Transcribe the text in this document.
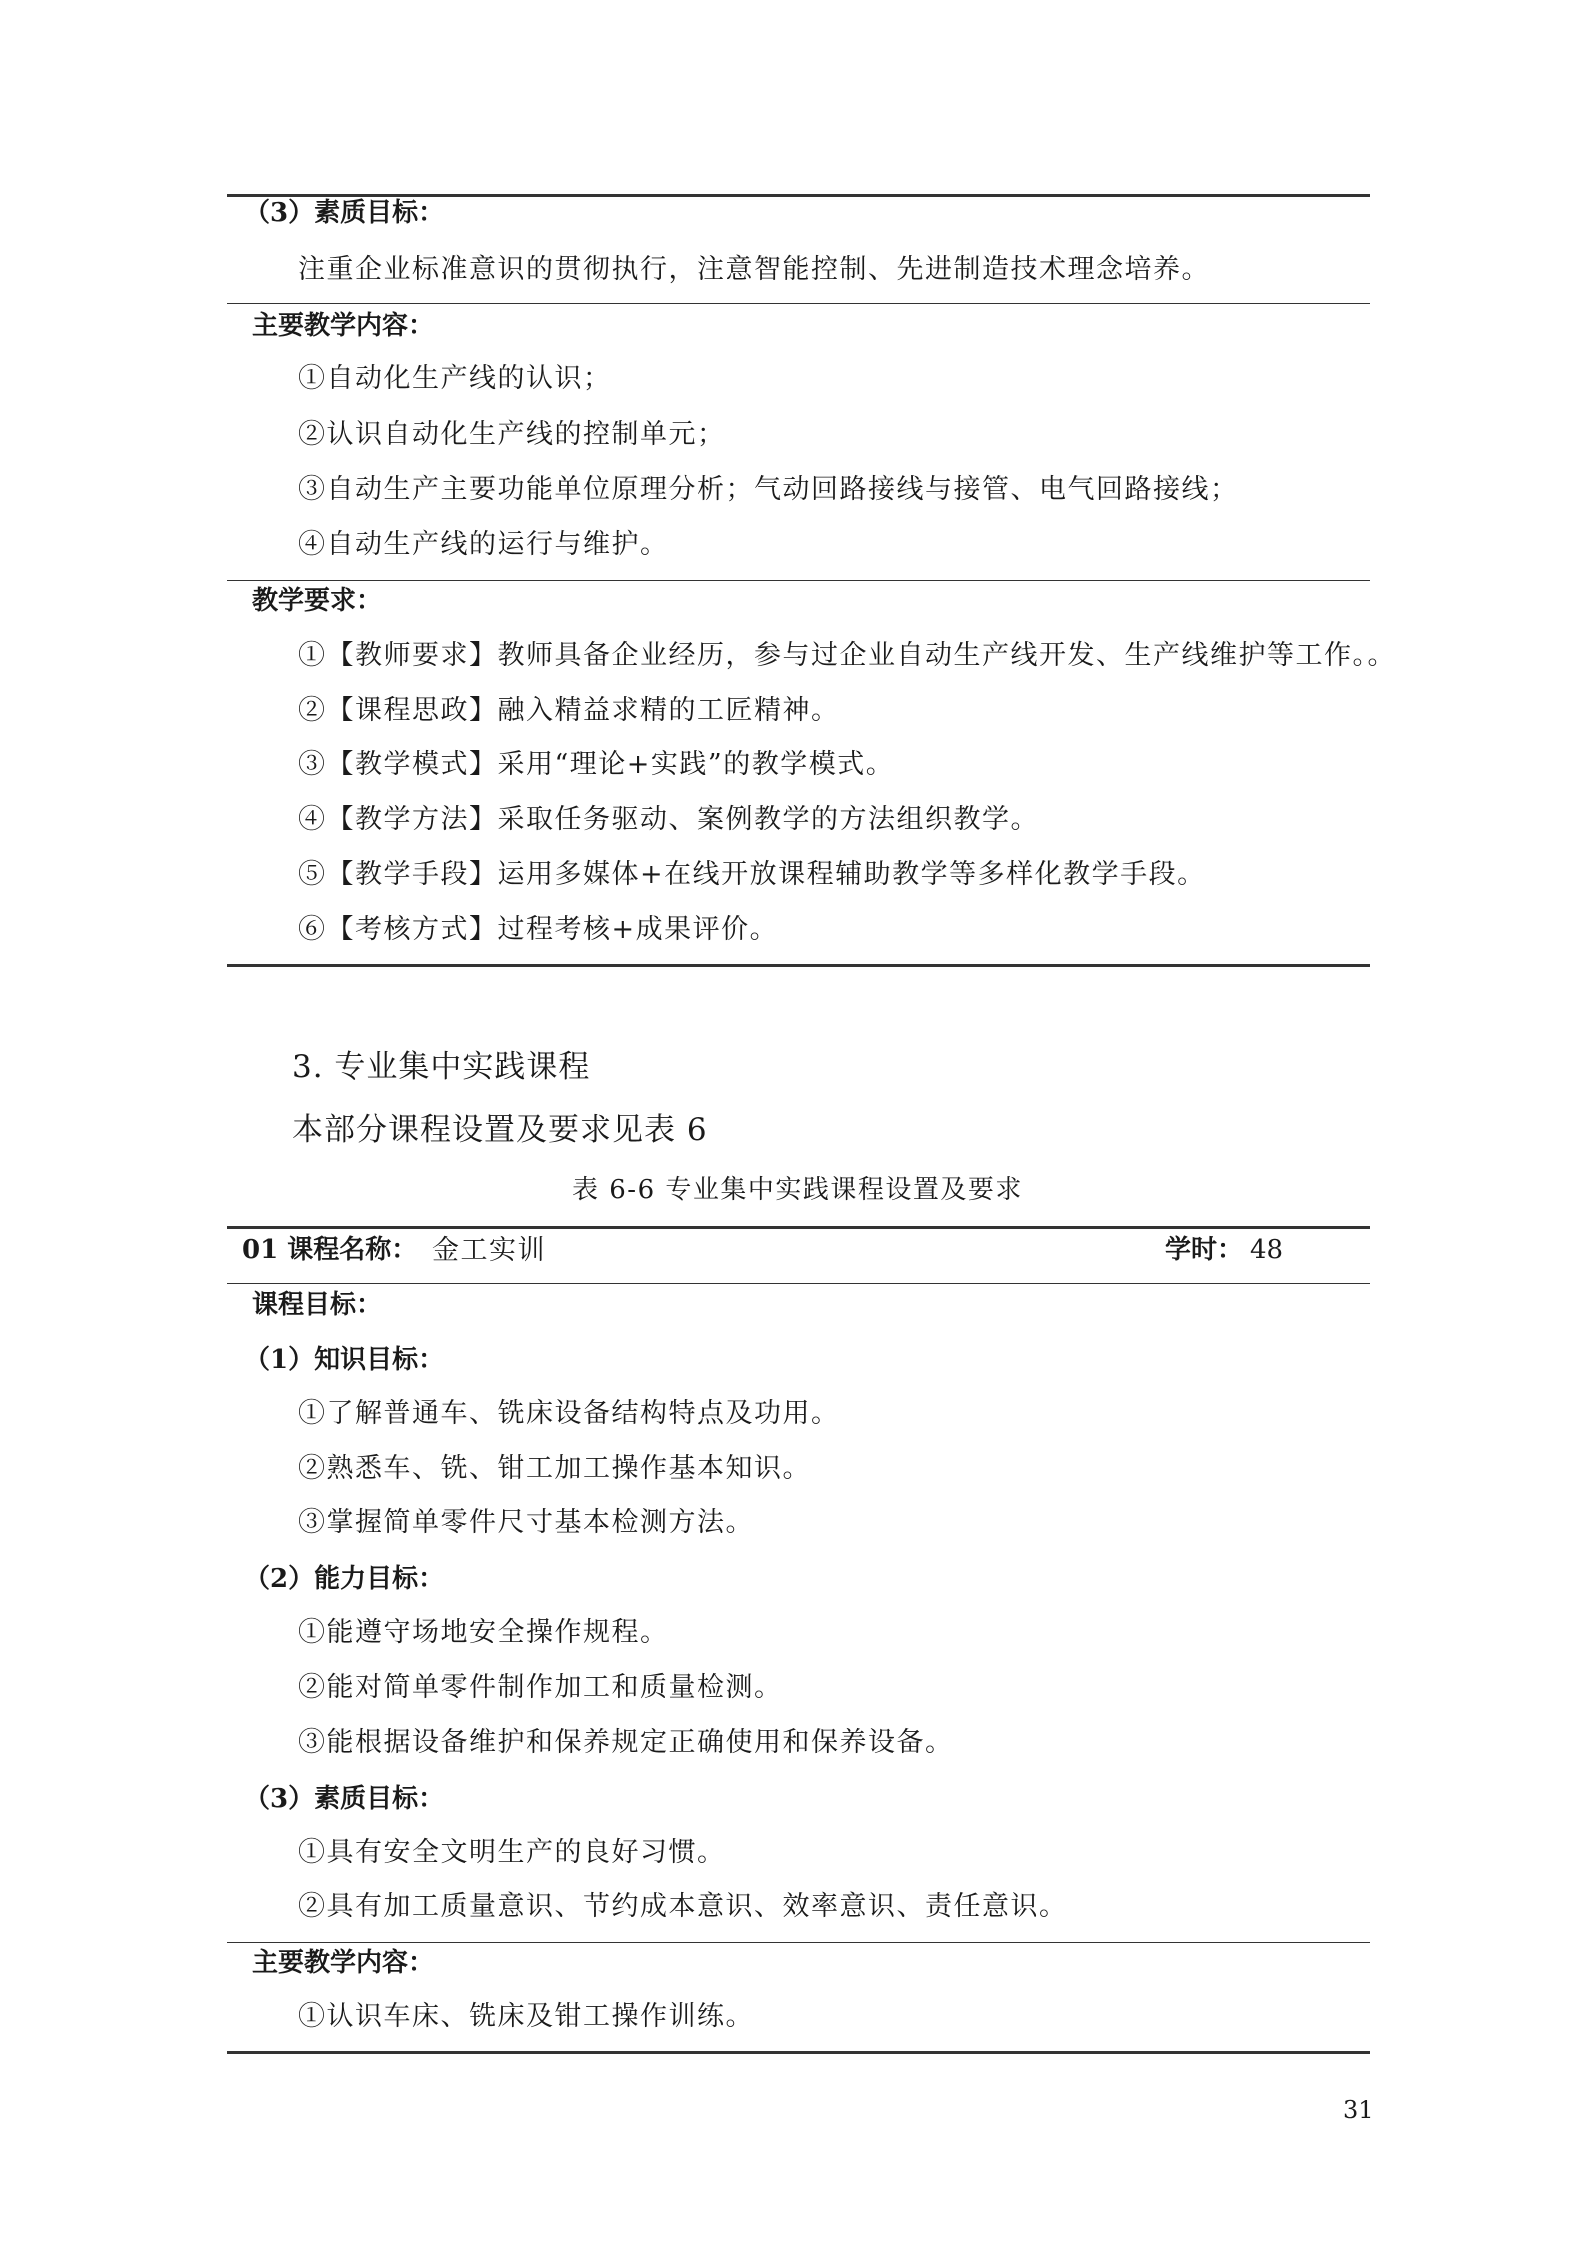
（3）素质目标：
注重企业标准意识的贯彻执行，注意智能控制、先进制造技术理念培养。
主要教学内容：
①自动化生产线的认识；
②认识自动化生产线的控制单元；
③自动生产主要功能单位原理分析；气动回路接线与接管、电气回路接线；
④自动生产线的运行与维护。
教学要求：
①【教师要求】教师具备企业经历，参与过企业自动生产线开发、生产线维护等工作。。
②【课程思政】融入精益求精的工匠精神。
③【教学模式】采用“理论+实践”的教学模式。
④【教学方法】采取任务驱动、案例教学的方法组织教学。
⑤【教学手段】运用多媒体+在线开放课程辅助教学等多样化教学手段。
⑥【考核方式】过程考核+成果评价。
3. 专业集中实践课程
本部分课程设置及要求见表 6
表 6-6 专业集中实践课程设置及要求
01 课程名称： 金工实训	学时： 48
课程目标：
（1）知识目标：
①了解普通车、铣床设备结构特点及功用。
②熟悉车、铣、钳工加工操作基本知识。
③掌握简单零件尺寸基本检测方法。
（2）能力目标：
①能遵守场地安全操作规程。
②能对简单零件制作加工和质量检测。
③能根据设备维护和保养规定正确使用和保养设备。
（3）素质目标：
①具有安全文明生产的良好习惯。
②具有加工质量意识、节约成本意识、效率意识、责任意识。
主要教学内容：
①认识车床、铣床及钳工操作训练。
31
